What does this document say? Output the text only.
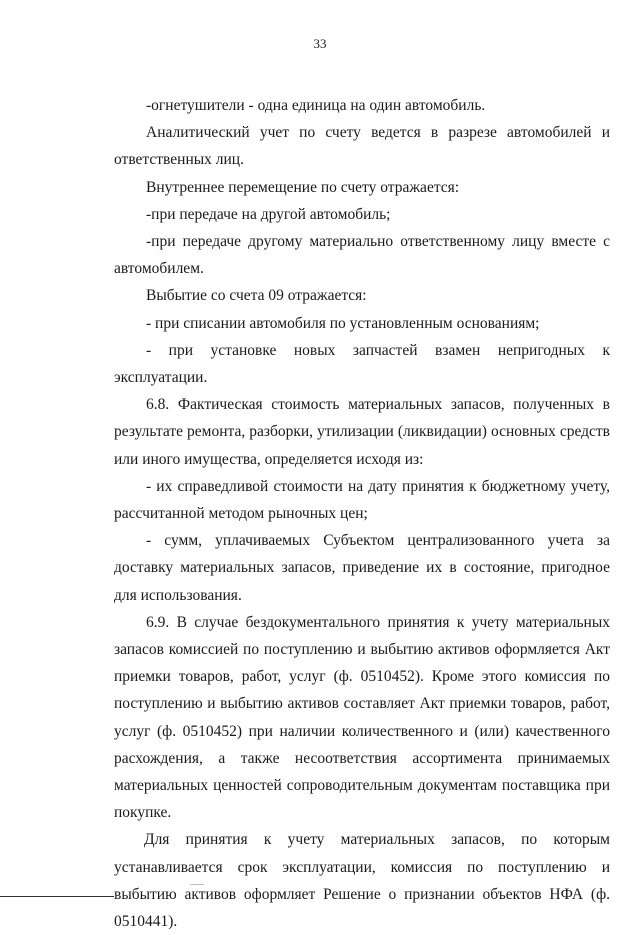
33

-огнетушители - одна единица на один автомобиль.

Аналитический учет по счету ведется в разрезе автомобилей и ответственных лиц.

Внутреннее перемещение по счету отражается:

-при передаче на другой автомобиль;

-при передаче другому материально ответственному лицу вместе с автомобилем.

Выбытие со счета 09 отражается:

- при списании автомобиля по установленным основаниям;

- при установке новых запчастей взамен непригодных к эксплуатации.

6.8. Фактическая стоимость материальных запасов, полученных в результате ремонта, разборки, утилизации (ликвидации) основных средств или иного имущества, определяется исходя из:

- их справедливой стоимости на дату принятия к бюджетному учету, рассчитанной методом рыночных цен;

- сумм, уплачиваемых Субъектом централизованного учета за доставку материальных запасов, приведение их в состояние, пригодное для использования.

6.9. В случае бездокументального принятия к учету материальных запасов комиссией по поступлению и выбытию активов оформляется Акт приемки товаров, работ, услуг (ф. 0510452). Кроме этого комиссия по поступлению и выбытию активов составляет Акт приемки товаров, работ, услуг (ф. 0510452) при наличии количественного и (или) качественного расхождения, а также несоответствия ассортимента принимаемых материальных ценностей сопроводительным документам поставщика при покупке.

Для принятия к учету материальных запасов, по которым устанавливается срок эксплуатации, комиссия по поступлению и выбытию активов оформляет Решение о признании объектов НФА (ф. 0510441).
